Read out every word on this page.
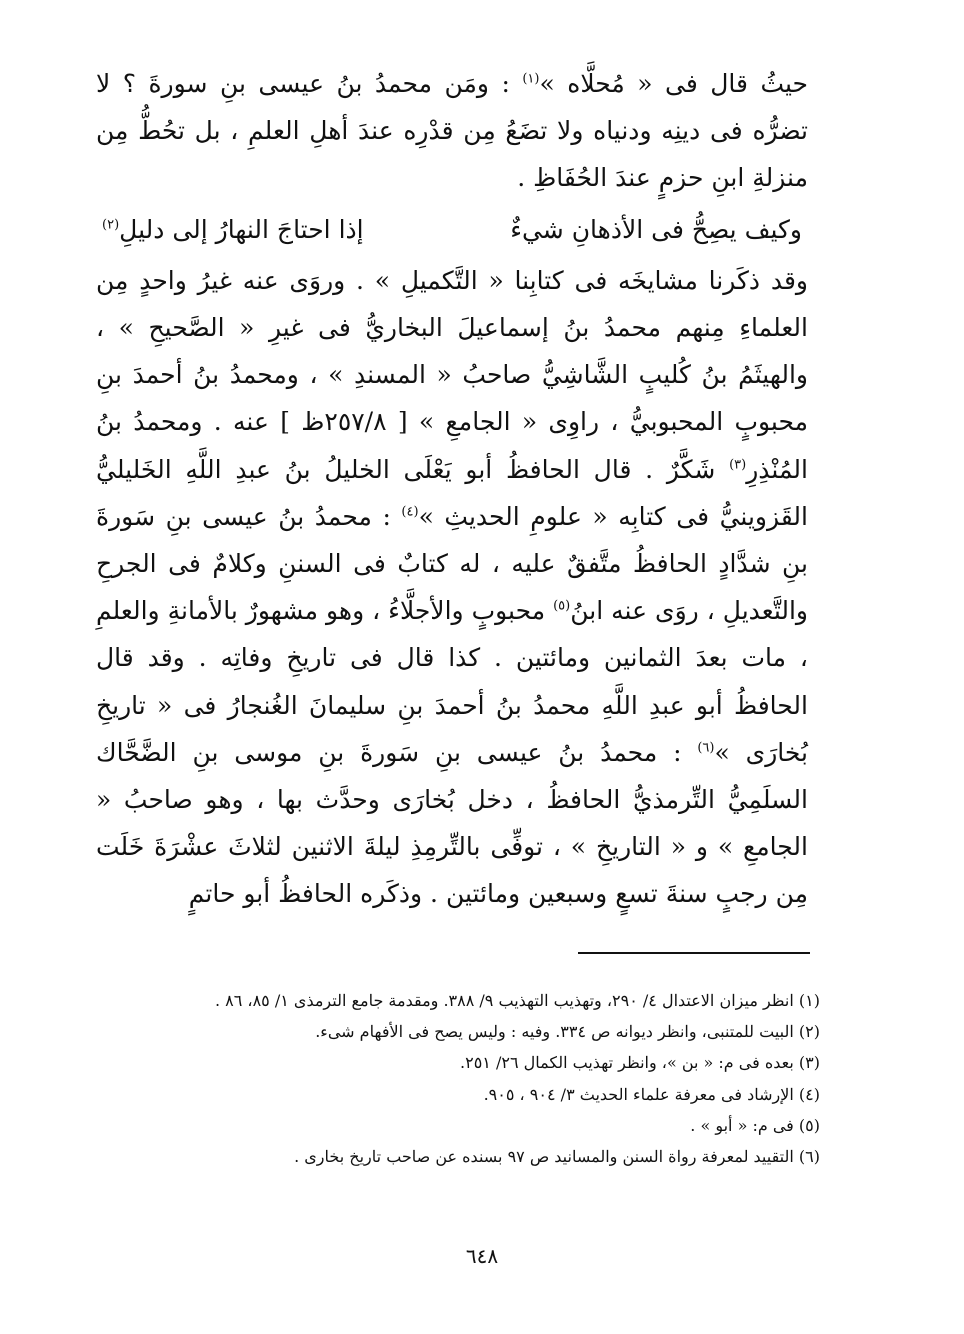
حيثُ قال فى « مُحلَّاه »$^{(١)}$ : ومَن محمدُ بنُ عيسى بنِ سورةَ ؟ لا تضرُّه فى دينِه ودنياه ولا تضَعُ مِن قدْرِه عندَ أهلِ العلمِ ، بل تحُطُّ مِن منزلةِ ابنِ حزمٍ عندَ الحُفَاظِ .

وكيف يصِحُّ فى الأذهانِ شيءٌ
إذا احتاجَ النهارُ إلى دليلِ$^{(٢)}$

وقد ذكَرنا مشايخَه فى كتابِنا « التَّكميلِ » . وروَى عنه غيرُ واحدٍ مِن العلماءِ مِنهم محمدُ بنُ إسماعيلَ البخاريُّ فى غيرِ « الصَّحيحِ » ، والهيثَمُ بنُ كُليبٍ الشَّاشِيُّ صاحبُ « المسندِ » ، ومحمدُ بنُ أحمدَ بنِ محبوبٍ المحبوبيُّ ، راوِى « الجامعِ » [ ٢٥٧/٨ظ ] عنه . ومحمدُ بنُ المُنْذِرِ$^{(٣)}$ شَكَّرٌ . قال الحافظُ أبو يَعْلَى الخليلُ بنُ عبدِ اللَّهِ الخَليليُّ القَزوينيُّ فى كتابِه « علومِ الحديثِ »$^{(٤)}$ : محمدُ بنُ عيسى بنِ سَورةَ بنِ شدَّادٍ الحافظُ متَّفقٌ عليه ، له كتابٌ فى السننِ وكلامٌ فى الجرحِ والتَّعديلِ ، روَى عنه ابنُ$^{(٥)}$ محبوبٍ والأجلَّاءُ ، وهو مشهورٌ بالأمانةِ والعلمِ ، مات بعدَ الثمانين ومائتين . كذا قال فى تاريخِ وفاتِه . وقد قال الحافظُ أبو عبدِ اللَّهِ محمدُ بنُ أحمدَ بنِ سليمانَ الغُنجارُ فى « تاريخِ بُخارَى »$^{(٦)}$ : محمدُ بنُ عيسى بنِ سَورةَ بنِ موسى بنِ الضَّحَّاك السلَمِيُّ التِّرمذيُّ الحافظُ ، دخل بُخارَى وحدَّث بها ، وهو صاحبُ « الجامعِ » و « التاريخِ » ، توفِّى بالتِّرمِذِ ليلةَ الاثنين لثلاثَ عشْرَةَ خَلَت مِن رجبٍ سنةَ تسعٍ وسبعين ومائتين . وذكَره الحافظُ أبو حاتمٍ

(١) انظر ميزان الاعتدال ٤/ ٢٩٠، وتهذيب التهذيب ٩/ ٣٨٨. ومقدمة جامع الترمذى ١/ ٨٥، ٨٦ .
(٢) البيت للمتنبى، وانظر ديوانه ص ٣٣٤. وفيه : وليس يصح فى الأفهام شىء.
(٣) بعده فى م: « بن »، وانظر تهذيب الكمال ٢٦/ ٢٥١.
(٤) الإرشاد فى معرفة علماء الحديث ٣/ ٩٠٤ ، ٩٠٥.
(٥) فى م: « أبو » .
(٦) التقييد لمعرفة رواة السنن والمسانيد ص ٩٧ بسنده عن صاحب تاريخ بخارى .
٦٤٨
